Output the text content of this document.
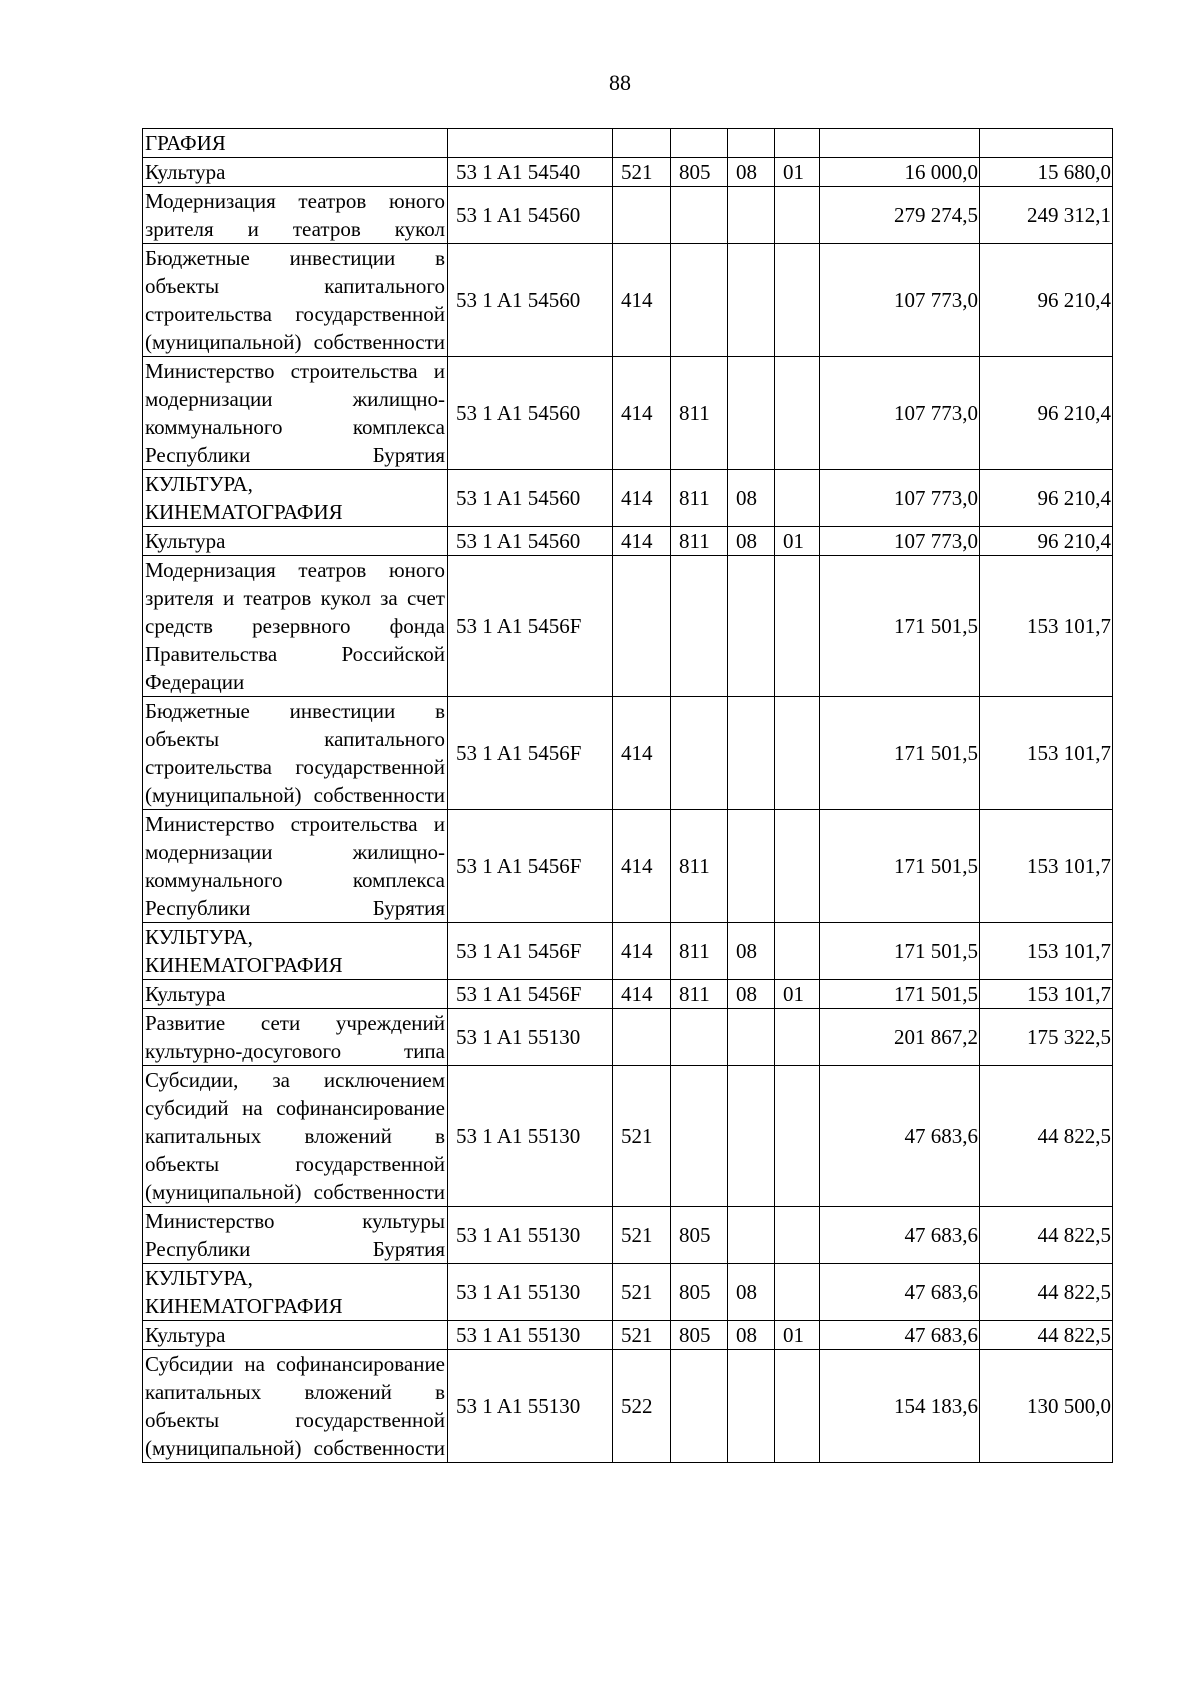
88
ГРАФИЯ							
Культура	53 1 A1 54540	521	805	08	01	16 000,0	15 680,0
Модернизация театров юного зрителя и театров кукол	53 1 A1 54560					279 274,5	249 312,1
Бюджетные инвестиции в объекты капитального строительства государственной (муниципальной) собственности	53 1 A1 54560	414				107 773,0	96 210,4
Министерство строительства и модернизации жилищно-коммунального комплекса Республики Бурятия	53 1 A1 54560	414	811			107 773,0	96 210,4
КУЛЬТУРА, КИНЕМАТОГРАФИЯ	53 1 A1 54560	414	811	08		107 773,0	96 210,4
Культура	53 1 A1 54560	414	811	08	01	107 773,0	96 210,4
Модернизация театров юного зрителя и театров кукол за счет средств резервного фонда Правительства Российской Федерации	53 1 A1 5456F					171 501,5	153 101,7
Бюджетные инвестиции в объекты капитального строительства государственной (муниципальной) собственности	53 1 A1 5456F	414				171 501,5	153 101,7
Министерство строительства и модернизации жилищно-коммунального комплекса Республики Бурятия	53 1 A1 5456F	414	811			171 501,5	153 101,7
КУЛЬТУРА, КИНЕМАТОГРАФИЯ	53 1 A1 5456F	414	811	08		171 501,5	153 101,7
Культура	53 1 A1 5456F	414	811	08	01	171 501,5	153 101,7
Развитие сети учреждений культурно-досугового типа	53 1 A1 55130					201 867,2	175 322,5
Субсидии, за исключением субсидий на софинансирование капитальных вложений в объекты государственной (муниципальной) собственности	53 1 A1 55130	521				47 683,6	44 822,5
Министерство культуры Республики Бурятия	53 1 A1 55130	521	805			47 683,6	44 822,5
КУЛЬТУРА, КИНЕМАТОГРАФИЯ	53 1 A1 55130	521	805	08		47 683,6	44 822,5
Культура	53 1 A1 55130	521	805	08	01	47 683,6	44 822,5
Субсидии на софинансирование капитальных вложений в объекты государственной (муниципальной) собственности	53 1 A1 55130	522				154 183,6	130 500,0
